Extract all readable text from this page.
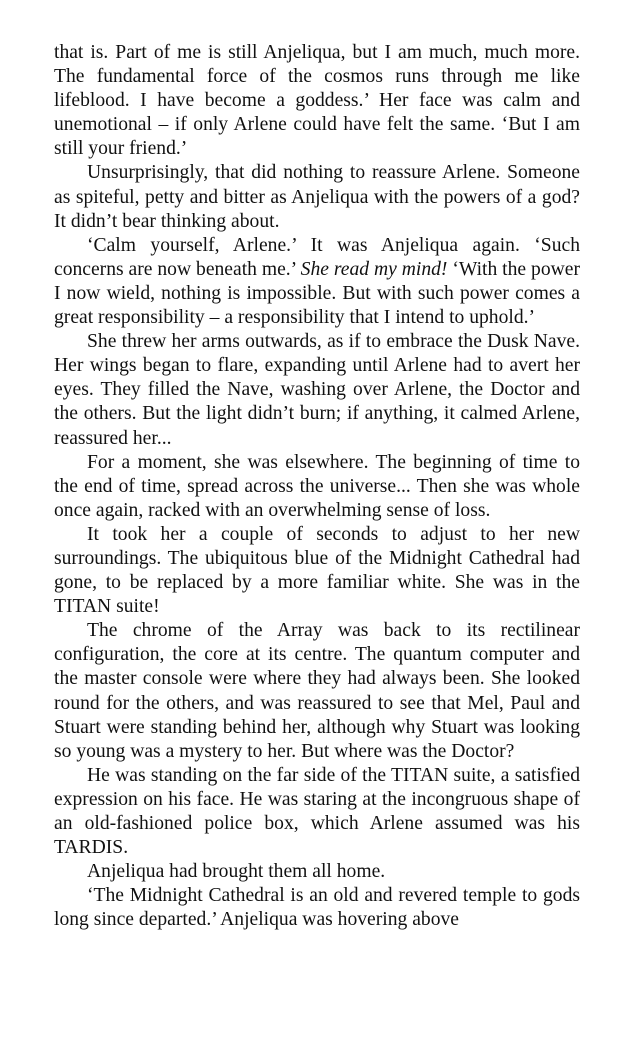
that is. Part of me is still Anjeliqua, but I am much, much more. The fundamental force of the cosmos runs through me like lifeblood. I have become a goddess.’ Her face was calm and unemotional – if only Arlene could have felt the same. ‘But I am still your friend.’

Unsurprisingly, that did nothing to reassure Arlene. Someone as spiteful, petty and bitter as Anjeliqua with the powers of a god? It didn’t bear thinking about.

‘Calm yourself, Arlene.’ It was Anjeliqua again. ‘Such concerns are now beneath me.’ She read my mind! ‘With the power I now wield, nothing is impossible. But with such power comes a great responsibility – a responsibility that I intend to uphold.’

She threw her arms outwards, as if to embrace the Dusk Nave. Her wings began to flare, expanding until Arlene had to avert her eyes. They filled the Nave, washing over Arlene, the Doctor and the others. But the light didn’t burn; if anything, it calmed Arlene, reassured her...

For a moment, she was elsewhere. The beginning of time to the end of time, spread across the universe... Then she was whole once again, racked with an overwhelming sense of loss.

It took her a couple of seconds to adjust to her new surroundings. The ubiquitous blue of the Midnight Cathedral had gone, to be replaced by a more familiar white. She was in the TITAN suite!

The chrome of the Array was back to its rectilinear configuration, the core at its centre. The quantum computer and the master console were where they had always been. She looked round for the others, and was reassured to see that Mel, Paul and Stuart were standing behind her, although why Stuart was looking so young was a mystery to her. But where was the Doctor?

He was standing on the far side of the TITAN suite, a satisfied expression on his face. He was staring at the incongruous shape of an old-fashioned police box, which Arlene assumed was his TARDIS.

Anjeliqua had brought them all home.

‘The Midnight Cathedral is an old and revered temple to gods long since departed.’ Anjeliqua was hovering above
